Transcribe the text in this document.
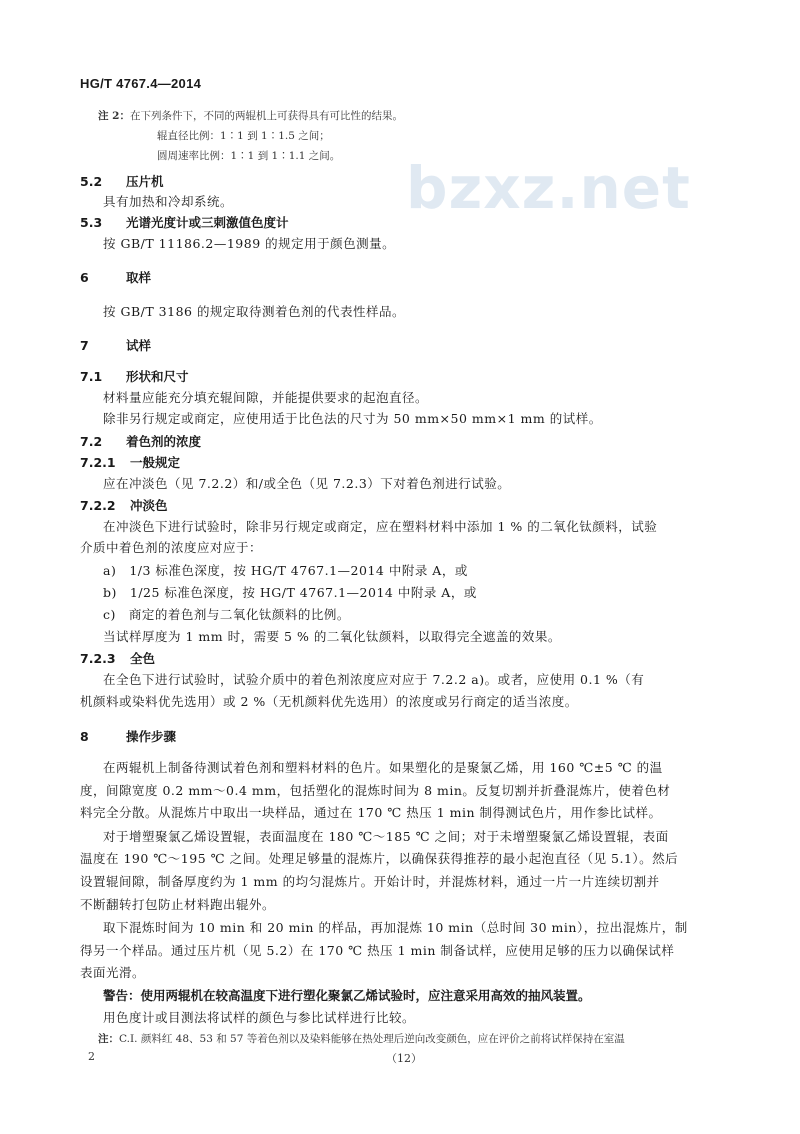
HG/T 4767.4—2014
bzxz.net
注 2：在下列条件下，不同的两辊机上可获得具有可比性的结果。
辊直径比例：1∶1 到 1∶1.5 之间；
圆周速率比例：1∶1 到 1∶1.1 之间。
5.2 压片机
具有加热和冷却系统。
5.3 光谱光度计或三刺激值色度计
按 GB/T 11186.2—1989 的规定用于颜色测量。
6	取样
按 GB/T 3186 的规定取待测着色剂的代表性样品。
7	试样
7.1 形状和尺寸
材料量应能充分填充辊间隙，并能提供要求的起泡直径。
除非另行规定或商定，应使用适于比色法的尺寸为 50 mm×50 mm×1 mm 的试样。
7.2 着色剂的浓度
7.2.1 一般规定
应在冲淡色（见 7.2.2）和/或全色（见 7.2.3）下对着色剂进行试验。
7.2.2 冲淡色
在冲淡色下进行试验时，除非另行规定或商定，应在塑料材料中添加 1 % 的二氧化钛颜料，试验
介质中着色剂的浓度应对应于：
a)　1/3 标准色深度，按 HG/T 4767.1—2014 中附录 A，或
b)　1/25 标准色深度，按 HG/T 4767.1—2014 中附录 A，或
c)　商定的着色剂与二氧化钛颜料的比例。
当试样厚度为 1 mm 时，需要 5 % 的二氧化钛颜料，以取得完全遮盖的效果。
7.2.3 全色
在全色下进行试验时，试验介质中的着色剂浓度应对应于 7.2.2 a)。或者，应使用 0.1 %（有
机颜料或染料优先选用）或 2 %（无机颜料优先选用）的浓度或另行商定的适当浓度。
8	操作步骤
在两辊机上制备待测试着色剂和塑料材料的色片。如果塑化的是聚氯乙烯，用 160 ℃±5 ℃ 的温
度，间隙宽度 0.2 mm～0.4 mm，包括塑化的混炼时间为 8 min。反复切割并折叠混炼片，使着色材
料完全分散。从混炼片中取出一块样品，通过在 170 ℃ 热压 1 min 制得测试色片，用作参比试样。
对于增塑聚氯乙烯设置辊，表面温度在 180 ℃～185 ℃ 之间；对于未增塑聚氯乙烯设置辊，表面
温度在 190 ℃～195 ℃ 之间。处理足够量的混炼片，以确保获得推荐的最小起泡直径（见 5.1）。然后
设置辊间隙，制备厚度约为 1 mm 的均匀混炼片。开始计时，并混炼材料，通过一片一片连续切割并
不断翻转打包防止材料跑出辊外。
取下混炼时间为 10 min 和 20 min 的样品，再加混炼 10 min（总时间 30 min），拉出混炼片，制
得另一个样品。通过压片机（见 5.2）在 170 ℃ 热压 1 min 制备试样，应使用足够的压力以确保试样
表面光滑。
警告：使用两辊机在较高温度下进行塑化聚氯乙烯试验时，应注意采用高效的抽风装置。
用色度计或目测法将试样的颜色与参比试样进行比较。
注：C.I. 颜料红 48、53 和 57 等着色剂以及染料能够在热处理后逆向改变颜色，应在评价之前将试样保持在室温
2	（12）
